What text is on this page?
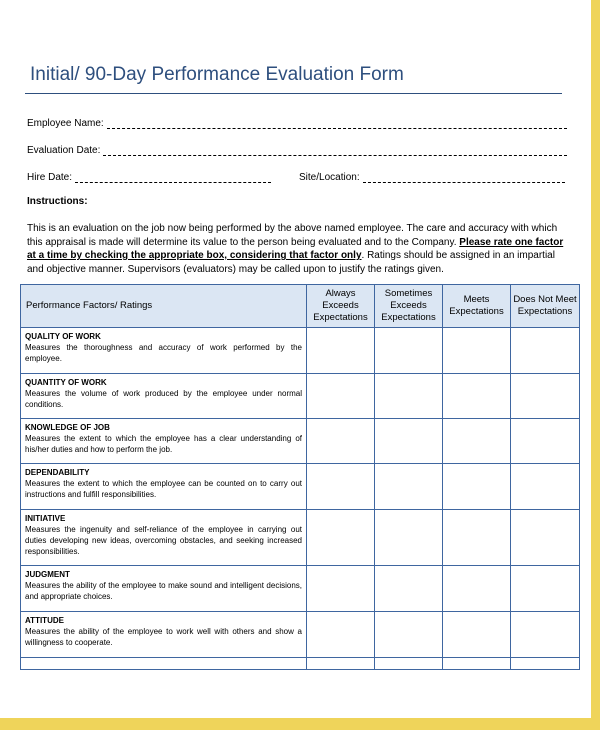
Initial/ 90-Day Performance Evaluation Form
Employee Name:
Evaluation Date:
Hire Date:	Site/Location:
Instructions:
This is an evaluation on the job now being performed by the above named employee. The care and accuracy with which this appraisal is made will determine its value to the person being evaluated and to the Company. Please rate one factor at a time by checking the appropriate box, considering that factor only. Ratings should be assigned in an impartial and objective manner. Supervisors (evaluators) may be called upon to justify the ratings given.
Performance Factors/ Ratings	Always Exceeds Expectations	Sometimes Exceeds Expectations	Meets Expectations	Does Not Meet Expectations

QUALITY OF WORK
Measures the thoroughness and accuracy of work performed by the employee.				

QUANTITY OF WORK
Measures the volume of work produced by the employee under normal conditions.				

KNOWLEDGE OF JOB
Measures the extent to which the employee has a clear understanding of his/her duties and how to perform the job.				

DEPENDABILITY
Measures the extent to which the employee can be counted on to carry out instructions and fulfill responsibilities.				

INITIATIVE
Measures the ingenuity and self-reliance of the employee in carrying out duties developing new ideas, overcoming obstacles, and seeking increased responsibilities.				

JUDGMENT
Measures the ability of the employee to make sound and intelligent decisions, and appropriate choices.				

ATTITUDE
Measures the ability of the employee to work well with others and show a willingness to cooperate.				
